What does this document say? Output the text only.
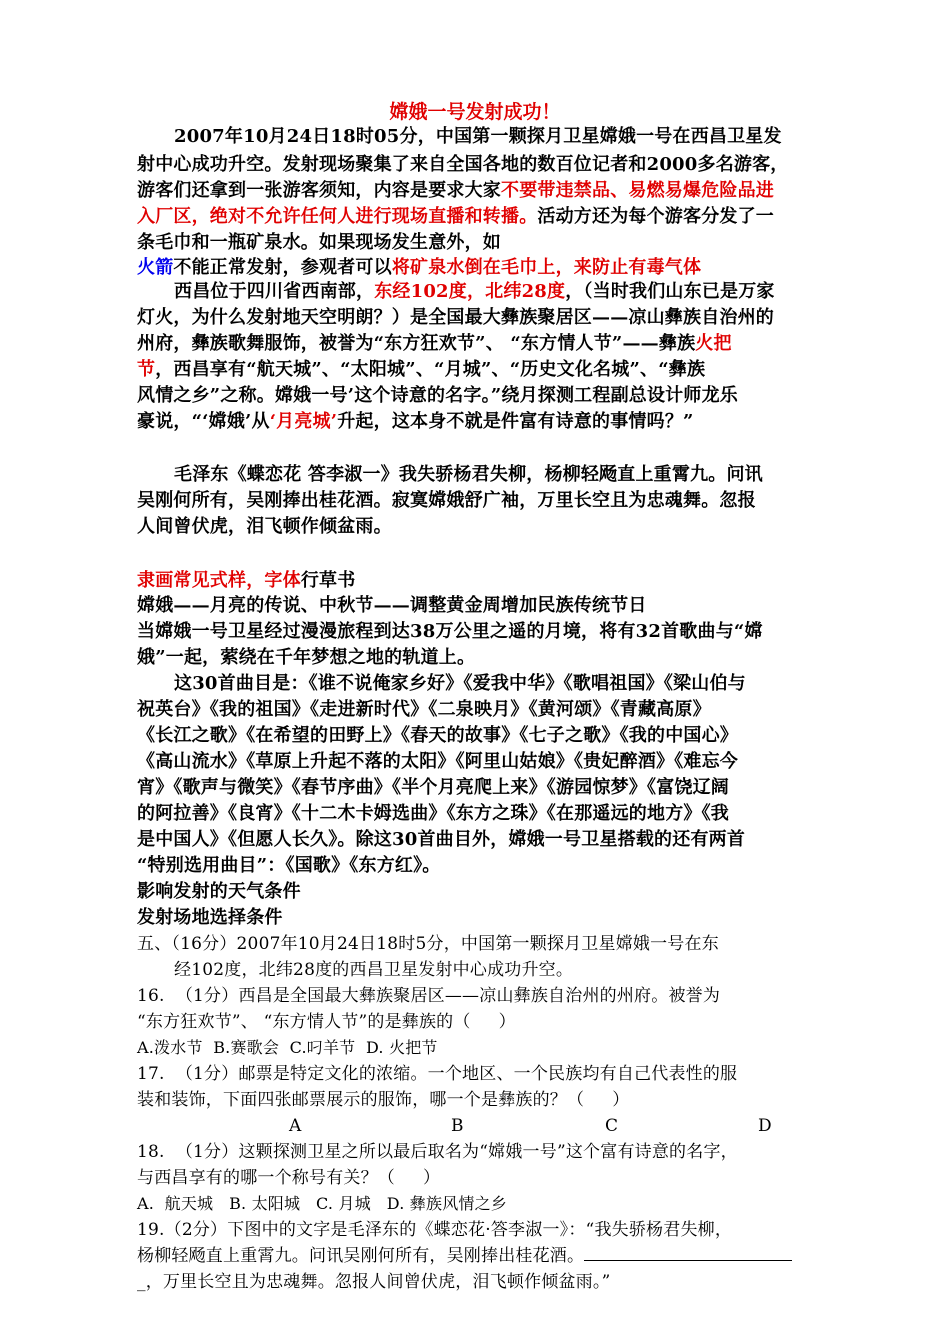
嫦娥一号发射成功！
2007年10月24日18时05分，中国第一颗探月卫星嫦娥一号在西昌卫星发
射中心成功升空。发射现场聚集了来自全国各地的数百位记者和2000多名游客，
游客们还拿到一张游客须知，内容是要求大家不要带违禁品、易燃易爆危险品进
入厂区，绝对不允许任何人进行现场直播和转播。活动方还为每个游客分发了一
条毛巾和一瓶矿泉水。如果现场发生意外，如
火箭不能正常发射，参观者可以将矿泉水倒在毛巾上，来防止有毒气体
西昌位于四川省西南部，东经102度，北纬28度，（当时我们山东已是万家
灯火，为什么发射地天空明朗？）是全国最大彝族聚居区——凉山彝族自治州的
州府，彝族歌舞服饰，被誉为“东方狂欢节”、 “东方情人节”——彝族火把
节，西昌享有“航天城”、“太阳城”、“月城”、“历史文化名城”、“彝族
风情之乡”之称。嫦娥一号’这个诗意的名字。”绕月探测工程副总设计师龙乐
豪说，“‘嫦娥’从‘月亮城’升起，这本身不就是件富有诗意的事情吗？”
毛泽东《蝶恋花 答李淑一》我失骄杨君失柳，杨柳轻飏直上重霄九。问讯
吴刚何所有，吴刚捧出桂花酒。寂寞嫦娥舒广袖，万里长空且为忠魂舞。忽报
人间曾伏虎，泪飞顿作倾盆雨。
隶画常见式样，字体行草书
嫦娥——月亮的传说、中秋节——调整黄金周增加民族传统节日
当嫦娥一号卫星经过漫漫旅程到达38万公里之遥的月境，将有32首歌曲与“嫦
娥”一起，萦绕在千年梦想之地的轨道上。
这30首曲目是：《谁不说俺家乡好》《爱我中华》《歌唱祖国》《梁山伯与
祝英台》《我的祖国》《走进新时代》《二泉映月》《黄河颂》《青藏高原》
《长江之歌》《在希望的田野上》《春天的故事》《七子之歌》《我的中国心》
《高山流水》《草原上升起不落的太阳》《阿里山姑娘》《贵妃醉酒》《难忘今
宵》《歌声与微笑》《春节序曲》《半个月亮爬上来》《游园惊梦》《富饶辽阔
的阿拉善》《良宵》《十二木卡姆选曲》《东方之珠》《在那遥远的地方》《我
是中国人》《但愿人长久》。除这30首曲目外，嫦娥一号卫星搭载的还有两首
“特别选用曲目”：《国歌》《东方红》。
影响发射的天气条件
发射场地选择条件
五、（16分）2007年10月24日18时5分，中国第一颗探月卫星嫦娥一号在东
经102度，北纬28度的西昌卫星发射中心成功升空。
16.  （1分）西昌是全国最大彝族聚居区——凉山彝族自治州的州府。被誉为
“东方狂欢节”、 “东方情人节”的是彝族的（     ）
A.泼水节  B.赛歌会  C.叼羊节  D. 火把节
17.  （1分）邮票是特定文化的浓缩。一个地区、一个民族均有自己代表性的服
装和装饰，下面四张邮票展示的服饰，哪一个是彝族的？（     ）
A	B	C	D
18.  （1分）这颗探测卫星之所以最后取名为“嫦娥一号”这个富有诗意的名字，
与西昌享有的哪一个称号有关？（     ）
A.  航天城   B. 太阳城   C. 月城   D. 彝族风情之乡
19.（2分）下图中的文字是毛泽东的《蝶恋花·答李淑一》：“我失骄杨君失柳，
杨柳轻飏直上重霄九。问讯吴刚何所有，吴刚捧出桂花酒。
_，万里长空且为忠魂舞。忽报人间曾伏虎，泪飞顿作倾盆雨。”
